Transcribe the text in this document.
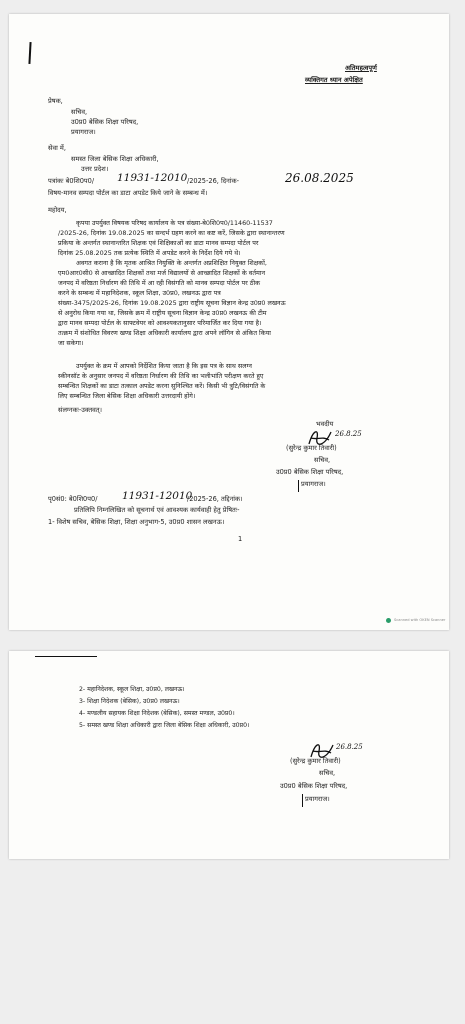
अतिमहत्वपूर्ण
व्यक्तिगत ध्यान अपेक्षित
प्रेषक,
सचिव,
उ0प्र0 बेसिक शिक्षा परिषद,
प्रयागराज।
सेवा में,
समस्त जिला बेसिक शिक्षा अधिकारी,
उत्तर प्रदेश।
पत्रांकः बे0शि0प0/ 11931-12010 /2025-26, दिनांक-	26.08.2025
विषय-मानव सम्पदा पोर्टल का डाटा अपडेट किये जाने के सम्बन्ध में।
महोदय,
कृपया उपर्युक्त विषयक परिषद कार्यालय के पत्र संख्या-बे0शि0प0/11460-11537
/2025-26, दिनांक 19.08.2025 का सन्दर्भ ग्रहण करने का कष्ट करें, जिसके द्वारा स्थानान्तरण
प्रकिया के अन्तर्गत स्थानान्तरित शिक्षक एवं शिक्षिकाओं का डाटा मानव सम्पदा पोर्टल पर
दिनांक 25.08.2025 तक प्रत्येक स्थिति में अपडेट करने के निर्देश दिये गये थे।
अवगत कराना है कि मृतक आश्रित नियुक्ति के अन्तर्गत अप्रशिक्षित नियुक्त शिक्षकों,
एम0आर0सी0 से आच्छादित शिक्षकों तथा मर्ज विद्यालयों से आच्छादित शिक्षकों के वर्तमान
जनपद में वरिष्ठता निर्धारण की तिथि में आ रही विसंगति को मानव सम्पदा पोर्टल पर ठीक
करने के सम्बन्ध में महानिदेशक, स्कूल शिक्षा, उ0प्र0, लखनऊ द्वारा पत्र
संख्या-3475/2025-26, दिनांक 19.08.2025 द्वारा राष्ट्रीय सूचना विज्ञान केन्द्र उ0प्र0 लखनऊ
से अनुरोध किया गया था, जिसके क्रम में राष्ट्रीय सूचना विज्ञान केन्द्र उ0प्र0 लखनऊ की टीम
द्वारा मानव सम्पदा पोर्टल के साफ्टवेयर को आवश्यकतानुसार परिमार्जित कर दिया गया है।
तत्क्रम में संशोधित विवरण खण्ड शिक्षा अधिकारी कार्यालय द्वारा अपने लॉगिन से अंकित किया
जा सकेगा।
उपर्युक्त के क्रम में आपको निर्देशित किया जाता है कि इस पत्र के साथ सलग्न
स्कीनसॉट के अनुसार जनपद में वरिष्ठता निर्धारण की तिथि का भलीभांति परीक्षण करते हुए
सम्बन्धित शिक्षकों का डाटा तत्काल अपडेट करना सुनिश्चित करें। किसी भी त्रुटि/विसंगति के
लिए सम्बन्धित जिला बेसिक शिक्षा अधिकारी उत्तरदायी होंगे।
संलग्नकः-उक्तवत्।
भवदीय
26.8.25
(सुरेन्द्र कुमार तिवारी)
सचिव,
उ0प्र0 बेसिक शिक्षा परिषद,
प्रयागराज।
पृ0सं0: बे0शि0प0/ 11931-12010
/2025-26, तद्दिनांक।
प्रतिलिपि निम्नलिखित को सूचनार्थ एवं आवश्यक कार्यवाही हेतु प्रेषितः-
1- विशेष सचिव, बेसिक शिक्षा, शिक्षा अनुभाग-5, उ0प्र0 शासन लखनऊ।
1
Scanned with OKEN Scanner
2- महानिदेशक, स्कूल शिक्षा, उ0प्र0, लखनऊ।
3- शिक्षा निदेशक (बेसिक), उ0प्र0 लखनऊ।
4- मण्डलीय सहायक शिक्षा निदेशक (बेसिक), समस्त मण्डल, उ0प्र0।
5- समस्त खण्ड शिक्षा अधिकारी द्वारा जिला बेसिक शिक्षा अधिकारी, उ0प्र0।
26.8.25
(सुरेन्द्र कुमार तिवारी)
सचिव,
उ0प्र0 बेसिक शिक्षा परिषद,
प्रयागराज।
